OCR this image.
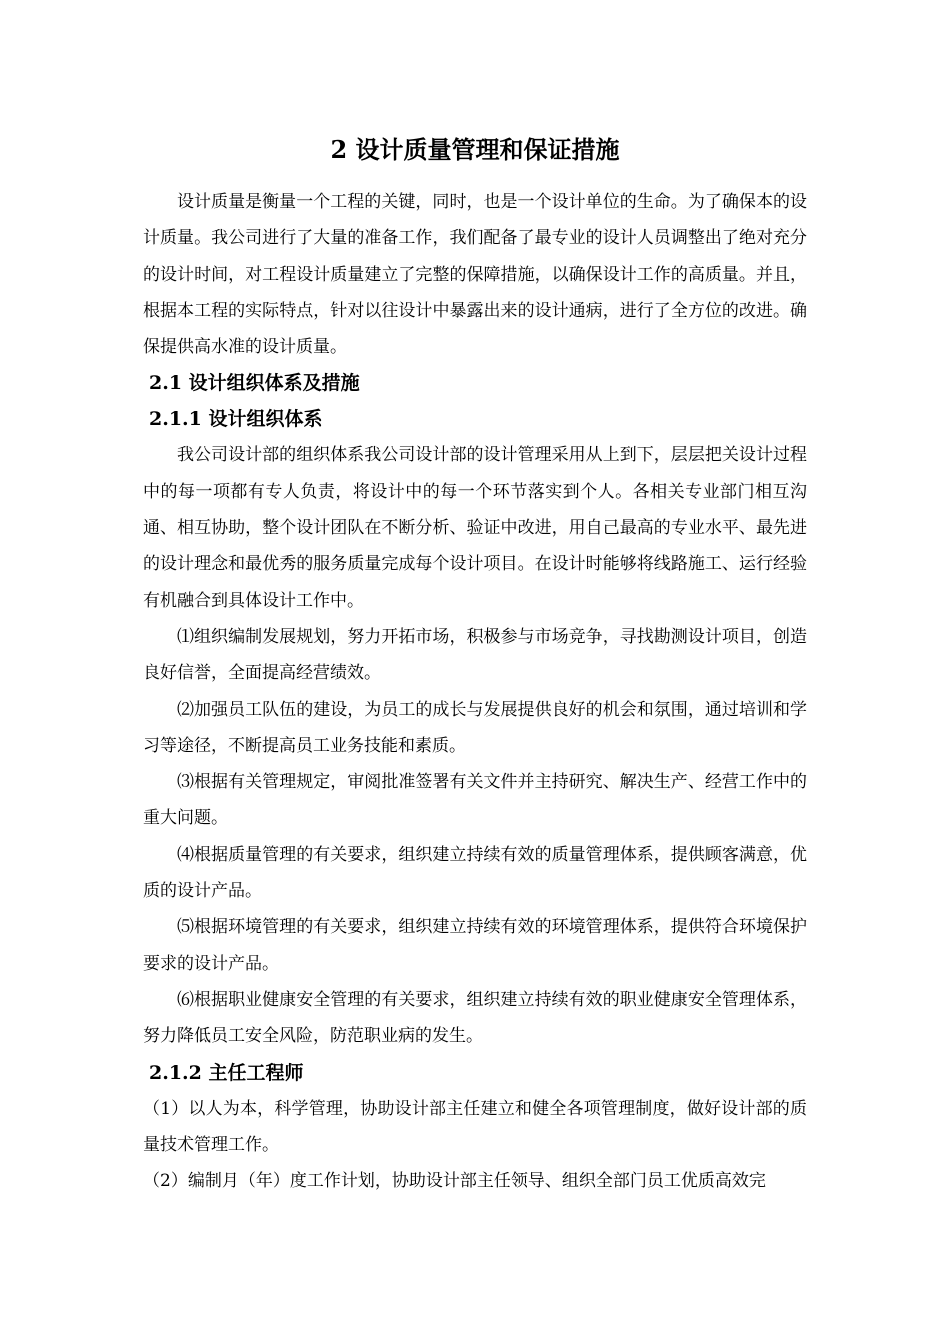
2 设计质量管理和保证措施

设计质量是衡量一个工程的关键，同时，也是一个设计单位的生命。为了确保本的设计质量。我公司进行了大量的准备工作，我们配备了最专业的设计人员调整出了绝对充分的设计时间，对工程设计质量建立了完整的保障措施，以确保设计工作的高质量。并且，根据本工程的实际特点，针对以往设计中暴露出来的设计通病，进行了全方位的改进。确保提供高水准的设计质量。

2.1 设计组织体系及措施
2.1.1 设计组织体系

我公司设计部的组织体系我公司设计部的设计管理采用从上到下，层层把关设计过程中的每一项都有专人负责，将设计中的每一个环节落实到个人。各相关专业部门相互沟通、相互协助，整个设计团队在不断分析、验证中改进，用自己最高的专业水平、最先进的设计理念和最优秀的服务质量完成每个设计项目。在设计时能够将线路施工、运行经验有机融合到具体设计工作中。

⑴组织编制发展规划，努力开拓市场，积极参与市场竞争，寻找勘测设计项目，创造良好信誉，全面提高经营绩效。

⑵加强员工队伍的建设，为员工的成长与发展提供良好的机会和氛围，通过培训和学习等途径，不断提高员工业务技能和素质。

⑶根据有关管理规定，审阅批准签署有关文件并主持研究、解决生产、经营工作中的重大问题。

⑷根据质量管理的有关要求，组织建立持续有效的质量管理体系，提供顾客满意，优质的设计产品。

⑸根据环境管理的有关要求，组织建立持续有效的环境管理体系，提供符合环境保护要求的设计产品。

⑹根据职业健康安全管理的有关要求，组织建立持续有效的职业健康安全管理体系，努力降低员工安全风险，防范职业病的发生。

2.1.2 主任工程师

（1）以人为本，科学管理，协助设计部主任建立和健全各项管理制度，做好设计部的质量技术管理工作。

（2）编制月（年）度工作计划，协助设计部主任领导、组织全部门员工优质高效完
